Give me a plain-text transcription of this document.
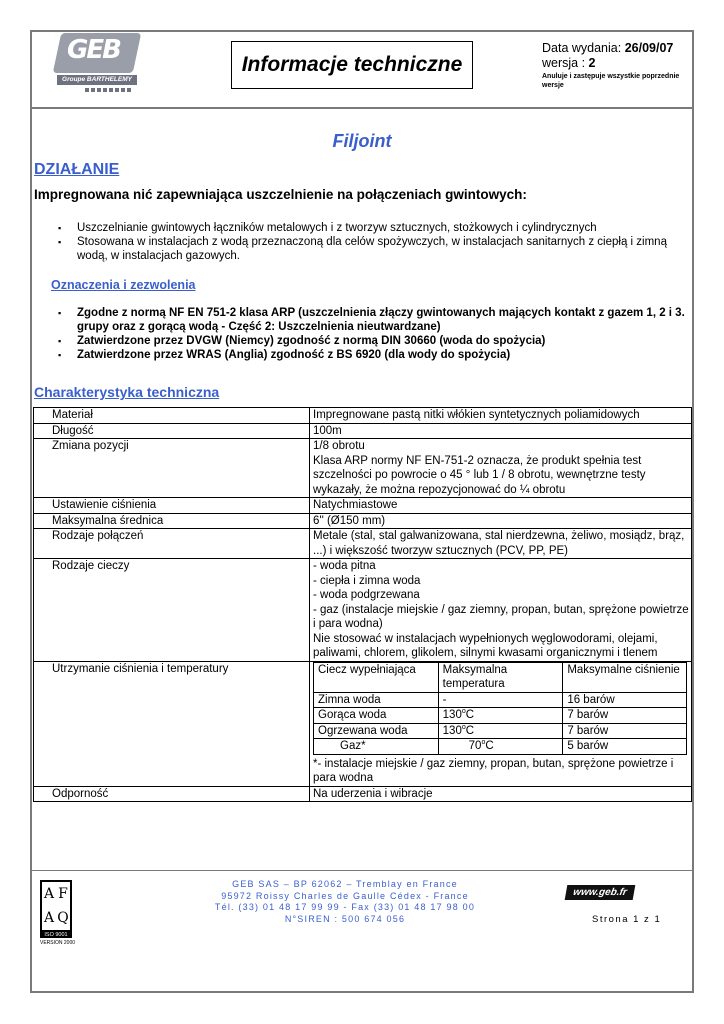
GEB
Groupe BARTHELEMY
Informacje techniczne
Data wydania: 26/09/07
wersja : 2
Anuluje i zastępuje wszystkie poprzednie wersje
Filjoint
DZIAŁANIE
Impregnowana nić zapewniająca uszczelnienie na połączeniach gwintowych:
▪ Uszczelnianie gwintowych łączników metalowych i z tworzyw sztucznych, stożkowych i cylindrycznych
▪ Stosowana w instalacjach z wodą przeznaczoną dla celów spożywczych, w instalacjach sanitarnych z ciepłą i zimną wodą, w instalacjach gazowych.
Oznaczenia i zezwolenia
▪ Zgodne z normą NF EN 751-2 klasa ARP (uszczelnienia złączy gwintowanych mających kontakt z gazem 1, 2 i 3. grupy oraz z gorącą wodą - Część 2: Uszczelnienia nieutwardzane)
▪ Zatwierdzone przez DVGW (Niemcy) zgodność z normą DIN 30660 (woda do spożycia)
▪ Zatwierdzone przez WRAS (Anglia) zgodność z BS 6920 (dla wody do spożycia)
Charakterystyka techniczna
Materiał	Impregnowane pastą nitki włókien syntetycznych poliamidowych
Długość	100m
Zmiana pozycji	1/8 obrotu
Klasa ARP normy NF EN-751-2 oznacza, że produkt spełnia test szczelności po powrocie o 45 ° lub 1 / 8 obrotu, wewnętrzne testy wykazały, że można repozycjonować do ¼ obrotu

Ustawienie ciśnienia	Natychmiastowe
Maksymalna średnica	6'' (Ø150 mm)
Rodzaje połączeń	Metale (stal, stal galwanizowana, stal nierdzewna, żeliwo, mosiądz, brąz, ...) i większość tworzyw sztucznych (PCV, PP, PE)
Rodzaje cieczy	- woda pitna
- ciepła i zimna woda
- woda podgrzewana
- gaz (instalacje miejskie / gaz ziemny, propan, butan, sprężone powietrze i para wodna)
Nie stosować w instalacjach wypełnionych węglowodorami, olejami, paliwami, chlorem, glikolem, silnymi kwasami organicznymi i tlenem

Utrzymanie ciśnienia i temperatury		Ciecz wypełniająca	Maksymalna temperatura	Maksymalne ciśnienie
Zimna woda	-	16 barów
Gorąca woda	130$^o$C	7 barów
Ogrzewana woda	130$^o$C	7 barów
Gaz*	70$^o$C	5 barów
*- instalacje miejskie / gaz ziemny, propan, butan, sprężone powietrze i para wodna

Odporność	Na uderzenia i wibracje
A F
A Q
ISO 9001
VERSION 2000
GEB SAS – BP 62062 – Tremblay en France
95972 Roissy Charles de Gaulle Cédex - France
Tél. (33) 01 48 17 99 99 - Fax (33) 01 48 17 98 00
N°SIREN : 500 674 056
www.geb.fr
Strona 1 z 1
